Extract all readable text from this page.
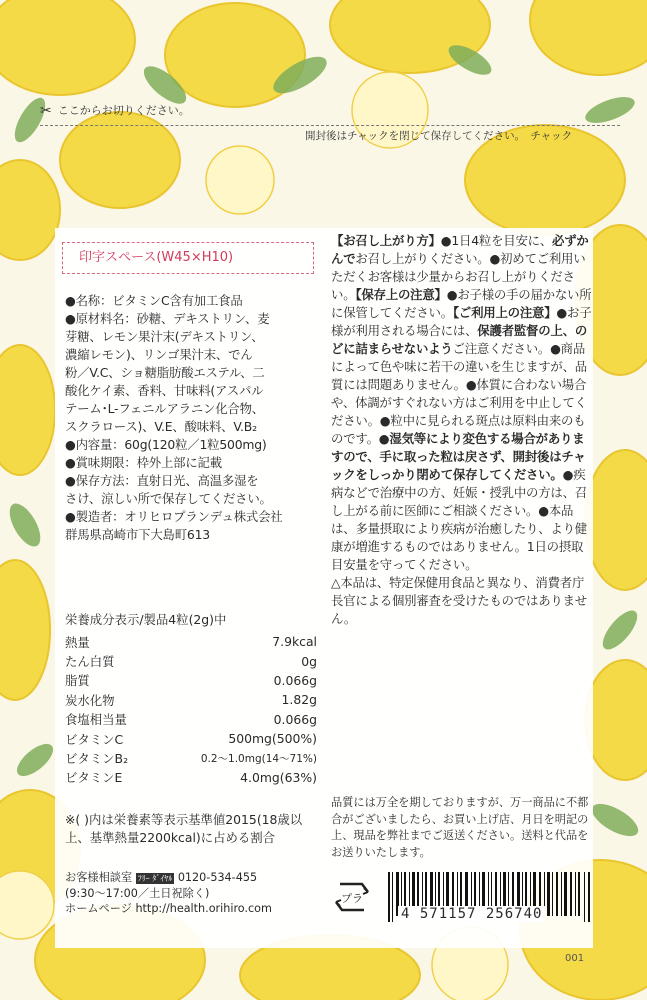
✂ ここからお切りください。
開封後はチャックを閉じて保存してください。　チャック
印字スペース(W45×H10)
●名称：ビタミンC含有加工食品
●原材料名：砂糖、デキストリン、麦
芽糖、レモン果汁末(デキストリン、
濃縮レモン)、リンゴ果汁末、でん
粉／V.C、ショ糖脂肪酸エステル、二
酸化ケイ素、香料、甘味料(アスパル
テーム･L-フェニルアラニン化合物、
スクラロース)、V.E、酸味料、V.B₂
●内容量：60g(120粒／1粒500mg)
●賞味期限：枠外上部に記載
●保存方法：直射日光、高温多湿を
さけ、涼しい所で保存してください。
●製造者：オリヒロプランデュ株式会社
群馬県高崎市下大島町613
栄養成分表示/製品4粒(2g)中
熱量		7.9kcal
たん白質		0g
脂質		0.066g
炭水化物		1.82g
食塩相当量		0.066g
ビタミンC		500mg(500%)
ビタミンB₂		0.2～1.0mg(14～71%)
ビタミンE		4.0mg(63%)
※( )内は栄養素等表示基準値2015(18歳以上、基準熱量2200kcal)に占める割合
お客様相談室 ﾌﾘｰ ﾀﾞｲﾔﾙ 0120-534-455
(9:30～17:00／土日祝除く)
ホームページ http://health.orihiro.com
【お召し上がり方】●1日4粒を目安に、必ずかんでお召し上がりください。●初めてご利用いただくお客様は少量からお召し上がりください。【保存上の注意】●お子様の手の届かない所に保管してください。【ご利用上の注意】●お子様が利用される場合には、保護者監督の上、のどに詰まらせないようご注意ください。●商品によって色や味に若干の違いを生じますが、品質には問題ありません。●体質に合わない場合や、体調がすぐれない方はご利用を中止してください。●粒中に見られる斑点は原料由来のものです。●湿気等により変色する場合がありますので、手に取った粒は戻さず、開封後はチャックをしっかり閉めて保存してください。●疾病などで治療中の方、妊娠・授乳中の方は、召し上がる前に医師にご相談ください。●本品は、多量摂取により疾病が治癒したり、より健康が増進するものではありません。1日の摂取目安量を守ってください。
△本品は、特定保健用食品と異なり、消費者庁長官による個別審査を受けたものではありません。
品質には万全を期しておりますが、万一商品に不都合がございましたら、お買い上げ店、月日を明記の上、現品を弊社までご返送ください。送料と代品をお送りいたします。
プラ
4 571157 256740
001
